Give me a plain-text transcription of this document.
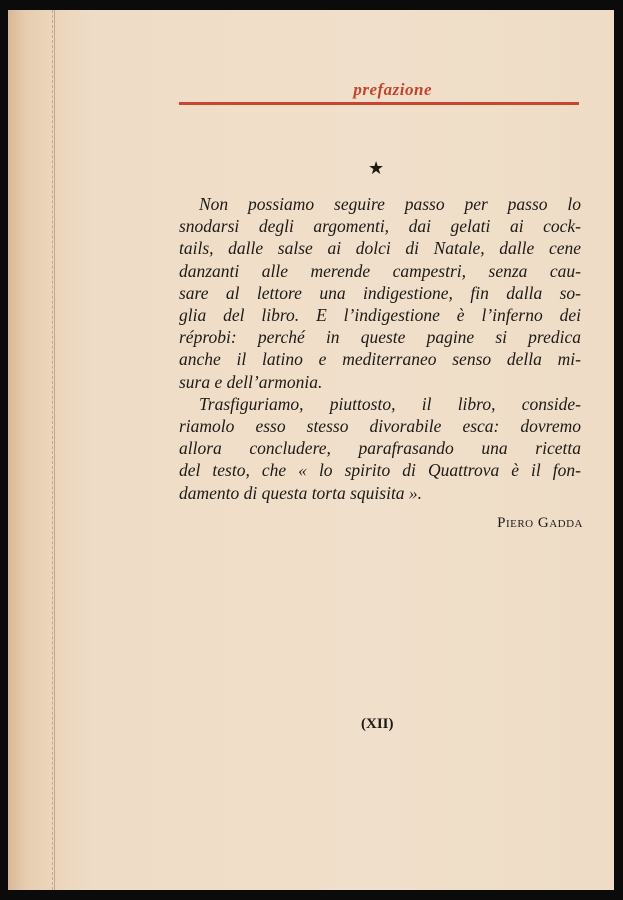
prefazione
★
Non possiamo seguire passo per passo lo
snodarsi degli argomenti, dai gelati ai cock-
tails, dalle salse ai dolci di Natale, dalle cene
danzanti alle merende campestri, senza cau-
sare al lettore una indigestione, fin dalla so-
glia del libro. E l’indigestione è l’inferno dei
réprobi: perché in queste pagine si predica
anche il latino e mediterraneo senso della mi-
sura e dell’armonia.
Trasfiguriamo, piuttosto, il libro, conside-
riamolo esso stesso divorabile esca: dovremo
allora concludere, parafrasando una ricetta
del testo, che « lo spirito di Quattrova è il fon-
damento di questa torta squisita ».
Piero Gadda
(XII)
